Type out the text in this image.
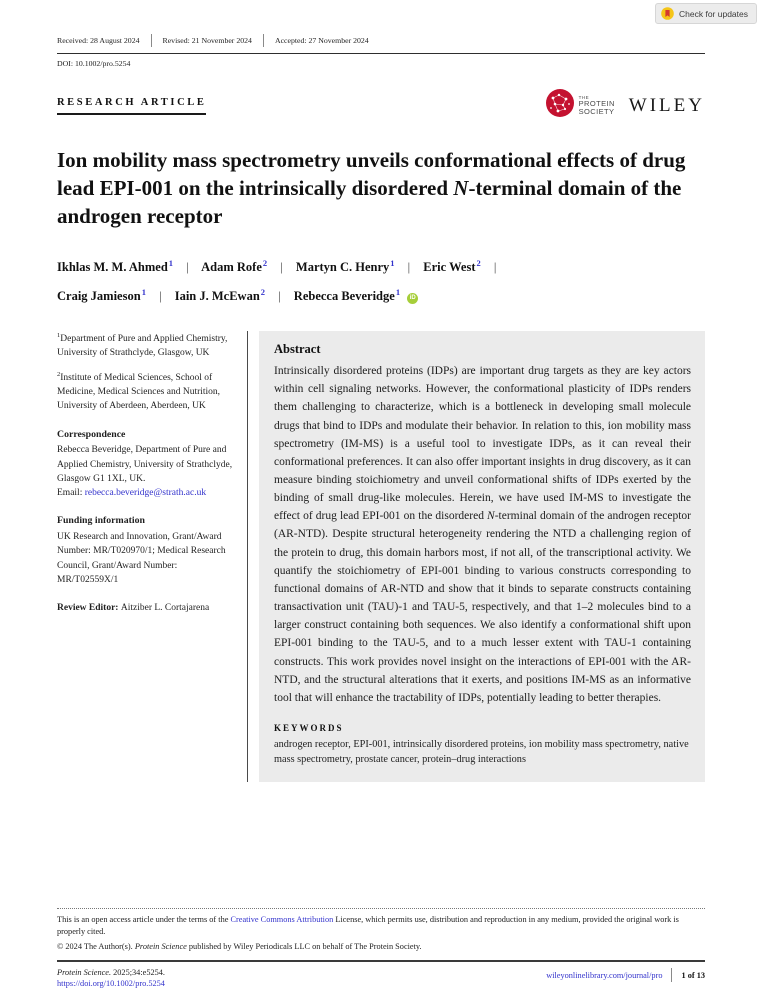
Check for updates
Received: 28 August 2024	Revised: 21 November 2024	Accepted: 27 November 2024
DOI: 10.1002/pro.5254
RESEARCH ARTICLE	THE
PROTEIN
SOCIETY WILEY
Ion mobility mass spectrometry unveils conformational effects of drug lead EPI-001 on the intrinsically disordered N-terminal domain of the androgen receptor
Ikhlas M. M. Ahmed$^1$ | Adam Rofe$^2$ | Martyn C. Henry$^1$ | Eric West$^2$ |
Craig Jamieson$^1$ | Iain J. McEwan$^2$ | Rebecca Beveridge$^1$ iD
$^1$Department of Pure and Applied Chemistry, University of Strathclyde, Glasgow, UK
$^2$Institute of Medical Sciences, School of Medicine, Medical Sciences and Nutrition, University of Aberdeen, Aberdeen, UK
Correspondence
Rebecca Beveridge, Department of Pure and Applied Chemistry, University of Strathclyde, Glasgow G1 1XL, UK.
Email: rebecca.beveridge@strath.ac.uk
Funding information
UK Research and Innovation, Grant/Award Number: MR/T020970/1; Medical Research Council, Grant/Award Number: MR/T02559X/1
Review Editor: Aitziber L. Cortajarena
Abstract
Intrinsically disordered proteins (IDPs) are important drug targets as they are key actors within cell signaling networks. However, the conformational plasticity of IDPs renders them challenging to characterize, which is a bottleneck in developing small molecule drugs that bind to IDPs and modulate their behavior. In relation to this, ion mobility mass spectrometry (IM-MS) is a useful tool to investigate IDPs, as it can reveal their conformational preferences. It can also offer important insights in drug discovery, as it can measure binding stoichiometry and unveil conformational shifts of IDPs exerted by the binding of small drug-like molecules. Herein, we have used IM-MS to investigate the effect of drug lead EPI-001 on the disordered N-terminal domain of the androgen receptor (AR-NTD). Despite structural heterogeneity rendering the NTD a challenging region of the protein to drug, this domain harbors most, if not all, of the transcriptional activity. We quantify the stoichiometry of EPI-001 binding to various constructs corresponding to functional domains of AR-NTD and show that it binds to separate constructs containing transactivation unit (TAU)-1 and TAU-5, respectively, and that 1–2 molecules bind to a larger construct containing both sequences. We also identify a conformational shift upon EPI-001 binding to the TAU-5, and to a much lesser extent with TAU-1 containing constructs. This work provides novel insight on the interactions of EPI-001 with the AR-NTD, and the structural alterations that it exerts, and positions IM-MS as an informative tool that will enhance the tractability of IDPs, potentially leading to better therapies.
KEYWORDS
androgen receptor, EPI-001, intrinsically disordered proteins, ion mobility mass spectrometry, native mass spectrometry, prostate cancer, protein–drug interactions
This is an open access article under the terms of the Creative Commons Attribution License, which permits use, distribution and reproduction in any medium, provided the original work is properly cited.
© 2024 The Author(s). Protein Science published by Wiley Periodicals LLC on behalf of The Protein Society.
Protein Science. 2025;34:e5254.
https://doi.org/10.1002/pro.5254
wileyonlinelibrary.com/journal/pro 1 of 13
